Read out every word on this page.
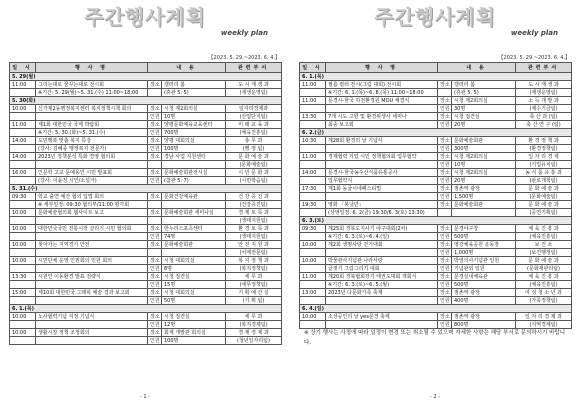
주간행사계획
weekly plan
【2023. 5. 29.~2023. 6. 4.】
일 시	행 사 명	내 용		관련부서
5. 29(월)				
11:00	그리는대로 꿈꾸는대로 전시회	장소	갤러리 봄	도 시 재 생 과
	※기간: 5. 29(월)~5. 31.(수) 11:00~18:00		(휴관 5. 5)	(재생운영팀)
5. 30(화)				
10:00	신가제2동행정복지센터 복지정책시책 회의	장소	시청 제2회의실	일자리경제과
		인원	10명	(산업단지팀)
11:00	제1회 대한민국 국제 박람회	장소	양평문화체육교육센터	미 래 교 육 과
	※기간: 5. 30.(화)~5. 31.(수)	인원	700명	(체육진흥팀)
14:00	도민행복 맞춤 복지 특강	장소	양평 대회의실	총 무 과
	(강사: 김혜종 행정복지 전문가)	인원	100명	(행 정 팀)
14:00	2023년 정책분석 특화 경영 협의회	장소	경남 사업 지원센터	문 화 예 술 과
				(문화예술팀)
16:00	인문학 고교 문예동인 시민 발표회	장소	문화예술회관전시실	시 민 문 화 과
	(강사: 이윤정 시인/소설가)	인원	(참관 5. 7)	(시민학습팀)
5. 31.(수)				
09:30	학교 출연 예산 협의 입법 회의	장소	문화건강체육관	건 강 증 진 과
	※ 세부일정: 09:30 협의부/11:00 평가회			(건강증진팀)
10:00	문화예술협의회 웹사이트 보고	장소	문화예술회관 세미나실	경 제 토 목 과
				(생태지원팀)
10:00	대한민국국민 전통시장 살리기 시민 협의회	장소	한누리스포츠센터	환 경 토 목 과
		인원	74명	(생태지원팀)
10:00	찾아가는 지역경기 안전	장소	문화예술회관	안 전 지 원 과
				(치매전문팀)
10:00	시민단체 운영 인권회의 민원 회의	장소	시청 대회의실	복 지 정 책 과
		인원	8명	(복지정책팀)
13:30	시원인 이동환경 발표 전략식	장소	시청 접견실	세 무 과
		인원	15명	(세무정책팀)
15:00	제10회 대한민국 그래픽 예술 결과 보고회	장소	시청 대회의실	기 획 예 산 실
		인원	50명	(기 획 팀)
6. 1.(목)				
10:00	노사협력기념 지정 기념식	장소	시청 접견실	세 무 과
		인원	12명	(복지경제팀)
10:00	생활시장 정책 조정회의	장소	회계 개발관 회의실	경 제 경 제 과
		인원	100명	(청년일자리팀)
- 1 -
주간행사계획
weekly plan
【2023. 5. 29.~2023. 6. 4.】
일 시	행 사 명	내 용		관련부서
6. 1.(목)				
11:00	필름 컬러 전시(그림 대회) 전시회	장소	갤러리 봄	도 시 재 생 과
	※기간: 6. 1.(목)~6. 8.(목) 11:00~18:00		(휴관 5. 5)	(재생운영팀)
11:00	문경시-한국 하천환경원 MOU 체결식	장소	시청 제2회의실	소 득 개 발 과
		인원	30명	(제수기금팀)
13:30	7개 시도 고향 및 환경위생사 세미나	장소	시청 접견실	축 산 과 (팀)
	최종 보고회	인원	20명	축 산 연 구 (팀)
6. 2.(금)				
10:30	제28회 환경의 날 기념식	장소	문화예술회관	환 경 정 책 과
		인원	300명	(환경정책팀)
11:00	경제협력 기업 시민 정책협의회 업무협약	장소	시청 제2회의실	일 자 리 경 제
		인원	10명	(기업유치팀)
14:00	문경시-한국농수산식품유통공사	장소	시청 제2회의실	농 식 품 유 통 과
	업무협약식	인원	20명	(판로개척팀)
17:30	제1회 동굴시네페스티벌	장소	점촌역 광장	문 화 예 술 과
		인원	1,500명	(문화예술팀)
19:30	영화 「봉낭만」	장소	문화예술회관	문 화 예 술 과
	(상영일정: 6. 2(금) 19:30/6. 3(토) 13:30)			(공연기획팀)
6. 3.(토)				
09:30	제25회 경북도지사기 야구대회(2차)	장소	문경야구장	체 육 진 흥 과
	※기간: 6. 3.(토)~6. 4.(일)	인원	500명	(체육진흥팀)
10:00	제2회 생명사랑 걷기대회	장소	영강체육공원 운동장	보 건 소
		인원	1,000명	(보건행정팀)
10:00	박물관사기념관 나라사랑	장소	박열의사기념관 일원	문 화 예 술 과
	글짓기 그림그리기 대회	인원	기념관외 일원	(문화재관리팀)
11:00	제20회 경북협회장기 태권도대회 개회식	장소	문경실내체육관	체 육 진 흥 과
	※기간: 6. 3.(토)~6. 5.(월)	인원	500명	(체육진흥팀)
13:00	2023년 다문화가족 축제	장소	점촌역 광장	여 성 청 소 년 과
		인원	400명	(가족정책팀)
6. 4.(일)				
10:00	소상공인의 날 yes문경 축제	장소	점촌역 광장	일 자 리 경 제 과
		인원	800명	(지역경제팀)
※ 상기 행사는 사정에 따라 일정이 변경 또는 취소될 수 있으며 자세한 사항은 해당 부서로 문의하시기 바랍니다.
- 2 -
